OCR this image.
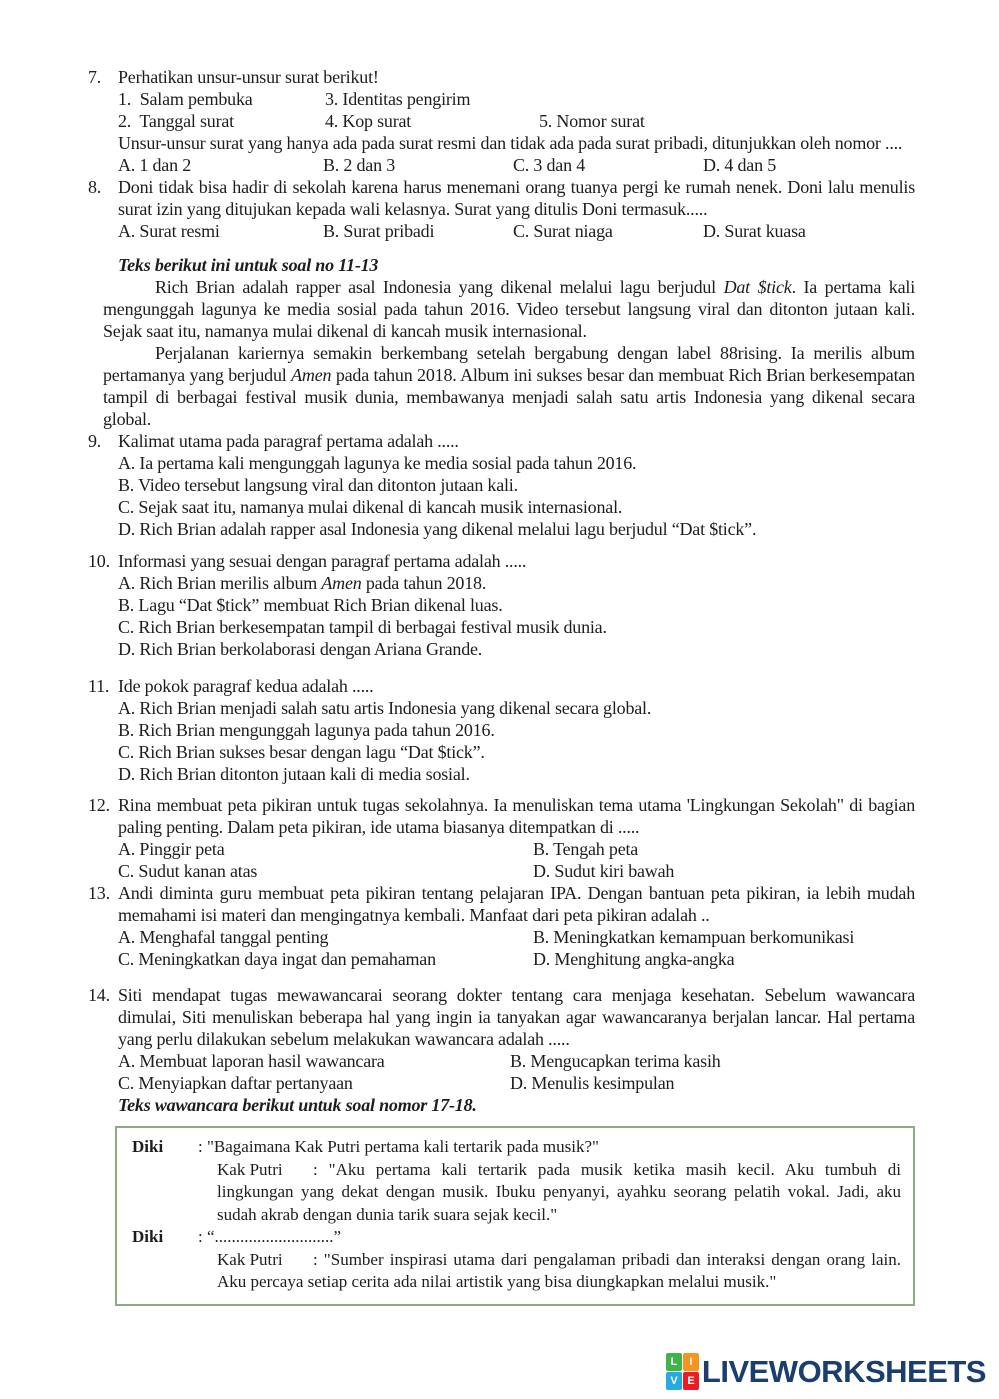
7. Perhatikan unsur-unsur surat berikut!
1.  Salam pembuka	3. Identitas pengirim
2.  Tanggal surat	4. Kop surat	5. Nomor surat
Unsur-unsur surat yang hanya ada pada surat resmi dan tidak ada pada surat pribadi, ditunjukkan oleh nomor ....
A. 1 dan 2	B. 2 dan 3	C. 3 dan 4	D. 4 dan 5
8. Doni tidak bisa hadir di sekolah karena harus menemani orang tuanya pergi ke rumah nenek. Doni lalu menulis surat izin yang ditujukan kepada wali kelasnya. Surat yang ditulis Doni termasuk.....
A. Surat resmi	B. Surat pribadi	C. Surat niaga	D. Surat kuasa
Teks berikut ini untuk soal no 11-13

Rich Brian adalah rapper asal Indonesia yang dikenal melalui lagu berjudul Dat $tick. Ia pertama kali mengunggah lagunya ke media sosial pada tahun 2016. Video tersebut langsung viral dan ditonton jutaan kali. Sejak saat itu, namanya mulai dikenal di kancah musik internasional.

Perjalanan kariernya semakin berkembang setelah bergabung dengan label 88rising. Ia merilis album pertamanya yang berjudul Amen pada tahun 2018. Album ini sukses besar dan membuat Rich Brian berkesempatan tampil di berbagai festival musik dunia, membawanya menjadi salah satu artis Indonesia yang dikenal secara global.

9. Kalimat utama pada paragraf pertama adalah .....
A. Ia pertama kali mengunggah lagunya ke media sosial pada tahun 2016.
B. Video tersebut langsung viral dan ditonton jutaan kali.
C. Sejak saat itu, namanya mulai dikenal di kancah musik internasional.
D. Rich Brian adalah rapper asal Indonesia yang dikenal melalui lagu berjudul “Dat $tick”.
10. Informasi yang sesuai dengan paragraf pertama adalah .....
A. Rich Brian merilis album Amen pada tahun 2018.
B. Lagu “Dat $tick” membuat Rich Brian dikenal luas.
C. Rich Brian berkesempatan tampil di berbagai festival musik dunia.
D. Rich Brian berkolaborasi dengan Ariana Grande.
11. Ide pokok paragraf kedua adalah .....
A. Rich Brian menjadi salah satu artis Indonesia yang dikenal secara global.
B. Rich Brian mengunggah lagunya pada tahun 2016.
C. Rich Brian sukses besar dengan lagu “Dat $tick”.
D. Rich Brian ditonton jutaan kali di media sosial.
12. Rina membuat peta pikiran untuk tugas sekolahnya. Ia menuliskan tema utama 'Lingkungan Sekolah" di bagian paling penting. Dalam peta pikiran, ide utama biasanya ditempatkan di .....
A. Pinggir peta	B. Tengah peta
C. Sudut kanan atas	D. Sudut kiri bawah
13. Andi diminta guru membuat peta pikiran tentang pelajaran IPA. Dengan bantuan peta pikiran, ia lebih mudah memahami isi materi dan mengingatnya kembali. Manfaat dari peta pikiran adalah ..
A. Menghafal tanggal penting	B. Meningkatkan kemampuan berkomunikasi
C. Meningkatkan daya ingat dan pemahaman	D. Menghitung angka-angka
14. Siti mendapat tugas mewawancarai seorang dokter tentang cara menjaga kesehatan. Sebelum wawancara dimulai, Siti menuliskan beberapa hal yang ingin ia tanyakan agar wawancaranya berjalan lancar. Hal pertama yang perlu dilakukan sebelum melakukan wawancara adalah .....
A. Membuat laporan hasil wawancara	B. Mengucapkan terima kasih
C. Menyiapkan daftar pertanyaan	D. Menulis kesimpulan
Teks wawancara berikut untuk soal nomor 17-18.
Diki	: "Bagaimana Kak Putri pertama kali tertarik pada musik?"
Kak Putri : "Aku pertama kali tertarik pada musik ketika masih kecil. Aku tumbuh di lingkungan yang dekat dengan musik. Ibuku penyanyi, ayahku seorang pelatih vokal. Jadi, aku sudah akrab dengan dunia tarik suara sejak kecil."
Diki	: “............................”
Kak Putri : "Sumber inspirasi utama dari pengalaman pribadi dan interaksi dengan orang lain. Aku percaya setiap cerita ada nilai artistik yang bisa diungkapkan melalui musik."
L	I
V E LIVEWORKSHEETS
